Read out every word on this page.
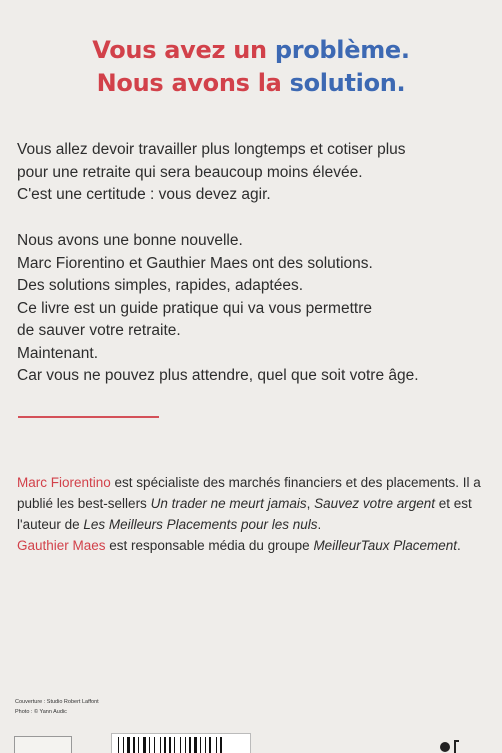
Vous avez un problème.
Nous avons la solution.
Vous allez devoir travailler plus longtemps et cotiser plus
pour une retraite qui sera beaucoup moins élevée.
C'est une certitude : vous devez agir.
Nous avons une bonne nouvelle.
Marc Fiorentino et Gauthier Maes ont des solutions.
Des solutions simples, rapides, adaptées.
Ce livre est un guide pratique qui va vous permettre
de sauver votre retraite.
Maintenant.
Car vous ne pouvez plus attendre, quel que soit votre âge.

Marc Fiorentino est spécialiste des marchés financiers et des placements. Il a publié les best-sellers Un trader ne meurt jamais, Sauvez votre argent et est l'auteur de Les Meilleurs Placements pour les nuls.

Gauthier Maes est responsable média du groupe MeilleurTaux Placement.

Couverture : Studio Robert Laffont
Photo : © Yann Audic
